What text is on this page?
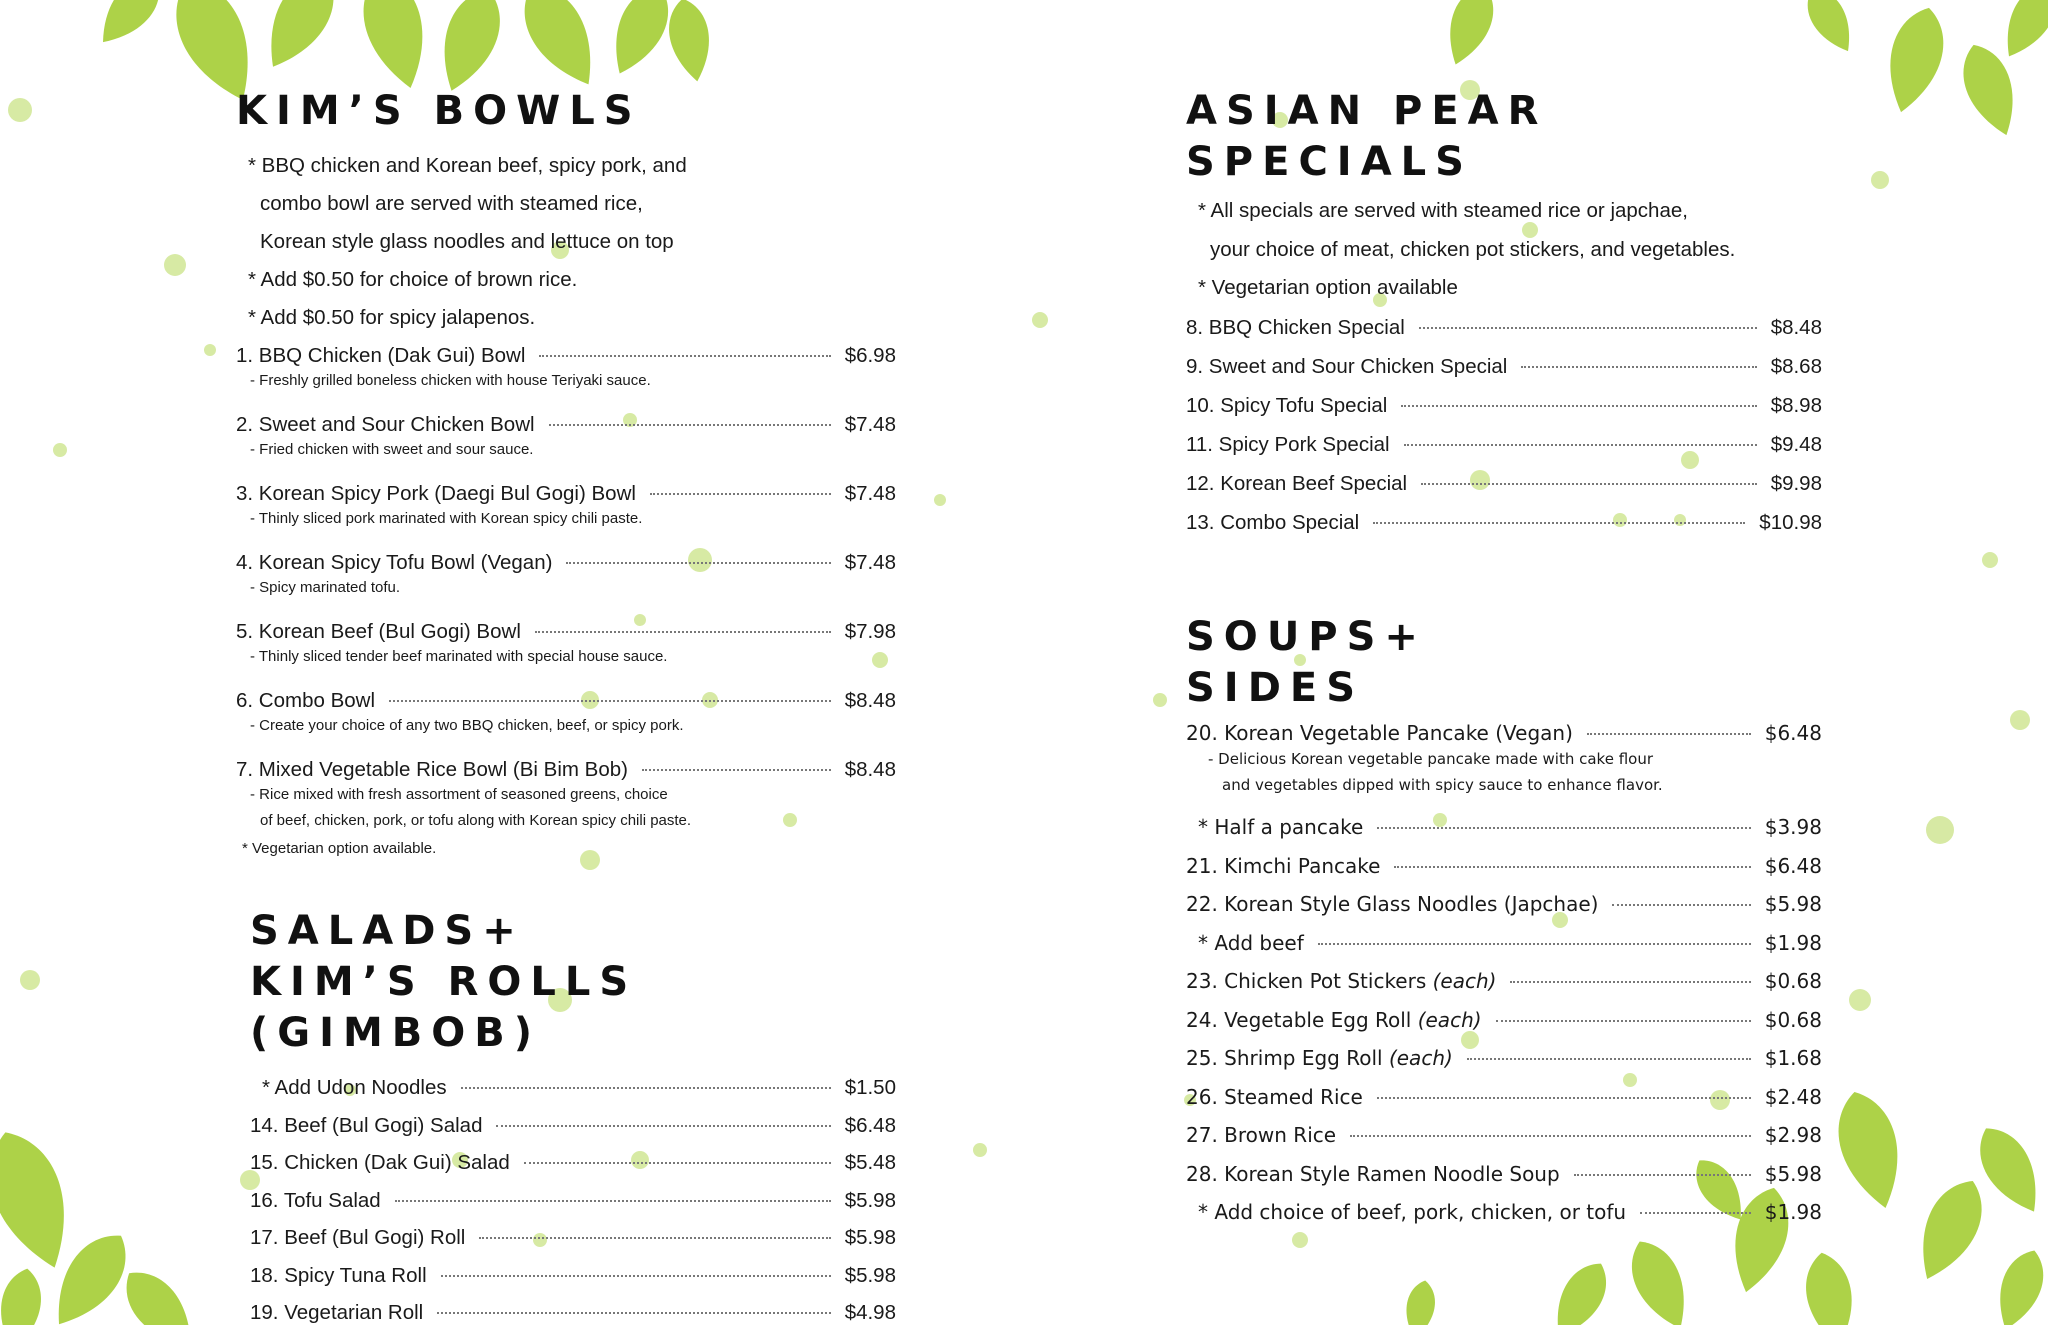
KIM’S BOWLS
* BBQ chicken and Korean beef, spicy pork, and
combo bowl are served with steamed rice,
Korean style glass noodles and lettuce on top
* Add $0.50 for choice of brown rice.
* Add $0.50 for spicy jalapenos.
1. BBQ Chicken (Dak Gui) Bowl	$6.98
- Freshly grilled boneless chicken with house Teriyaki sauce.
2. Sweet and Sour Chicken Bowl	$7.48
- Fried chicken with sweet and sour sauce.
3. Korean Spicy Pork (Daegi Bul Gogi) Bowl	$7.48
- Thinly sliced pork marinated with Korean spicy chili paste.
4. Korean Spicy Tofu Bowl (Vegan)	$7.48
- Spicy marinated tofu.
5. Korean Beef (Bul Gogi) Bowl	$7.98
- Thinly sliced tender beef marinated with special house sauce.
6. Combo Bowl	$8.48
- Create your choice of any two BBQ chicken, beef, or spicy pork.
7. Mixed Vegetable Rice Bowl (Bi Bim Bob)	$8.48
- Rice mixed with fresh assortment of seasoned greens, choice
of beef, chicken, pork, or tofu along with Korean spicy chili paste.
* Vegetarian option available.
SALADS+
KIM’S ROLLS (GIMBOB)
* Add Udon Noodles	$1.50
14. Beef (Bul Gogi) Salad	$6.48
15. Chicken (Dak Gui) Salad	$5.48
16. Tofu Salad	$5.98
17. Beef (Bul Gogi) Roll	$5.98
18. Spicy Tuna Roll	$5.98
19. Vegetarian Roll	$4.98
ASIAN PEAR
SPECIALS
* All specials are served with steamed rice or japchae,
your choice of meat, chicken pot stickers, and vegetables.
* Vegetarian option available
8. BBQ Chicken Special	$8.48
9. Sweet and Sour Chicken Special	$8.68
10. Spicy Tofu Special	$8.98
11. Spicy Pork Special	$9.48
12. Korean Beef Special	$9.98
13. Combo Special	$10.98
SOUPS+
SIDES
20. Korean Vegetable Pancake (Vegan)	$6.48
- Delicious Korean vegetable pancake made with cake flour
and vegetables dipped with spicy sauce to enhance flavor.
* Half a pancake	$3.98
21. Kimchi Pancake	$6.48
22. Korean Style Glass Noodles (Japchae)	$5.98
* Add beef	$1.98
23. Chicken Pot Stickers (each)	$0.68
24. Vegetable Egg Roll (each)	$0.68
25. Shrimp Egg Roll (each)	$1.68
26. Steamed Rice	$2.48
27. Brown Rice	$2.98
28. Korean Style Ramen Noodle Soup	$5.98
* Add choice of beef, pork, chicken, or tofu	$1.98
